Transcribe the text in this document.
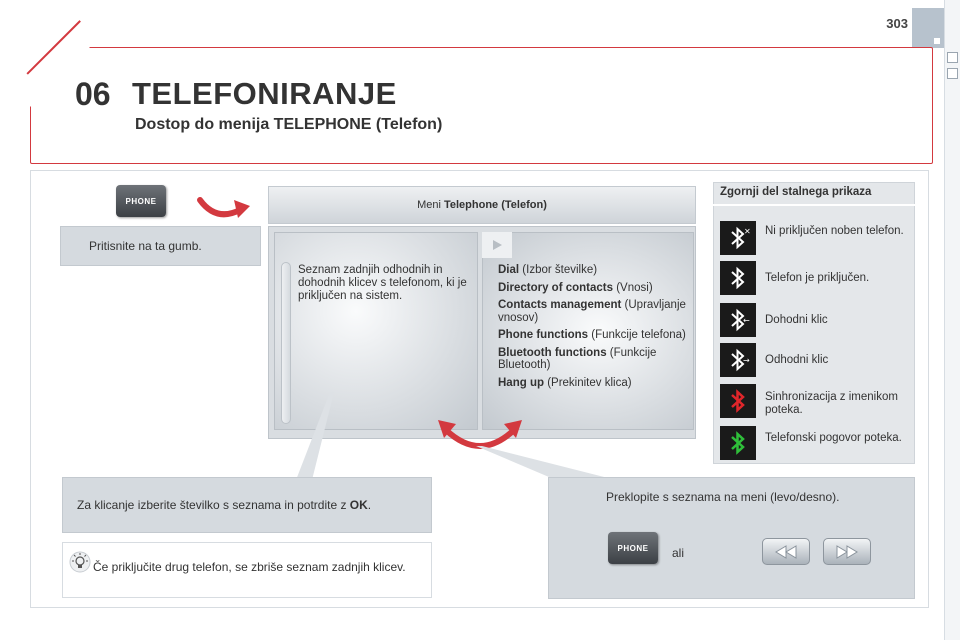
303
06 TELEFONIRANJE
Dostop do menija TELEPHONE (Telefon)
PHONE
Pritisnite na ta gumb.
Meni Telephone (Telefon)
Seznam zadnjih odhodnih in dohodnih klicev s telefonom, ki je priključen na sistem.
Dial (Izbor številke)
Directory of contacts (Vnosi)
Contacts management (Upravljanje vnosov)
Phone functions (Funkcije telefona)
Bluetooth functions (Funkcije Bluetooth)
Hang up (Prekinitev klica)
Zgornji del stalnega prikaza
✕ Ni priključen noben telefon.
Telefon je priključen.
← Dohodni klic
→ Odhodni klic
Sinhronizacija z imenikom poteka.
Telefonski pogovor poteka.
Za klicanje izberite številko s seznama in potrdite z OK.
Če priključite drug telefon, se zbriše seznam zadnjih klicev.
Preklopite s seznama na meni (levo/desno).
PHONE	ali
